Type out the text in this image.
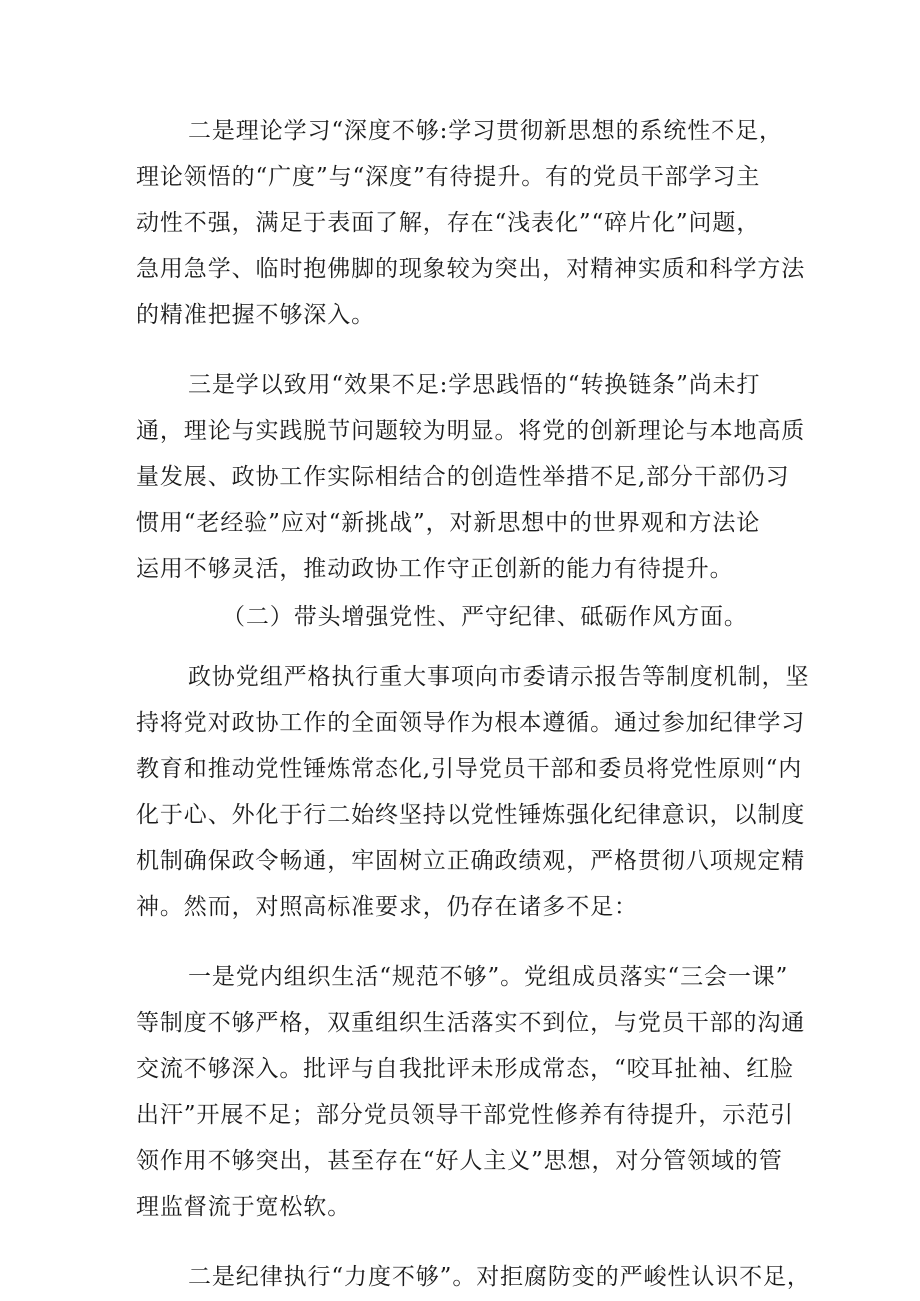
二是理论学习“深度不够:学习贯彻新思想的系统性不足，
理论领悟的“广度”与“深度”有待提升。有的党员干部学习主
动性不强，满足于表面了解，存在“浅表化”“碎片化”问题，
急用急学、临时抱佛脚的现象较为突出，对精神实质和科学方法
的精准把握不够深入。
三是学以致用“效果不足:学思践悟的“转换链条”尚未打
通，理论与实践脱节问题较为明显。将党的创新理论与本地高质
量发展、政协工作实际相结合的创造性举措不足,部分干部仍习
惯用“老经验”应对“新挑战”，对新思想中的世界观和方法论
运用不够灵活，推动政协工作守正创新的能力有待提升。
（二）带头增强党性、严守纪律、砥砺作风方面。
政协党组严格执行重大事项向市委请示报告等制度机制，坚
持将党对政协工作的全面领导作为根本遵循。通过参加纪律学习
教育和推动党性锤炼常态化,引导党员干部和委员将党性原则“内
化于心、外化于行二始终坚持以党性锤炼强化纪律意识，以制度
机制确保政令畅通，牢固树立正确政绩观，严格贯彻八项规定精
神。然而，对照高标准要求，仍存在诸多不足：
一是党内组织生活“规范不够”。党组成员落实“三会一课”
等制度不够严格，双重组织生活落实不到位，与党员干部的沟通
交流不够深入。批评与自我批评未形成常态，“咬耳扯袖、红脸
出汗”开展不足；部分党员领导干部党性修养有待提升，示范引
领作用不够突出，甚至存在“好人主义”思想，对分管领域的管
理监督流于宽松软。
二是纪律执行“力度不够”。对拒腐防变的严峻性认识不足，
